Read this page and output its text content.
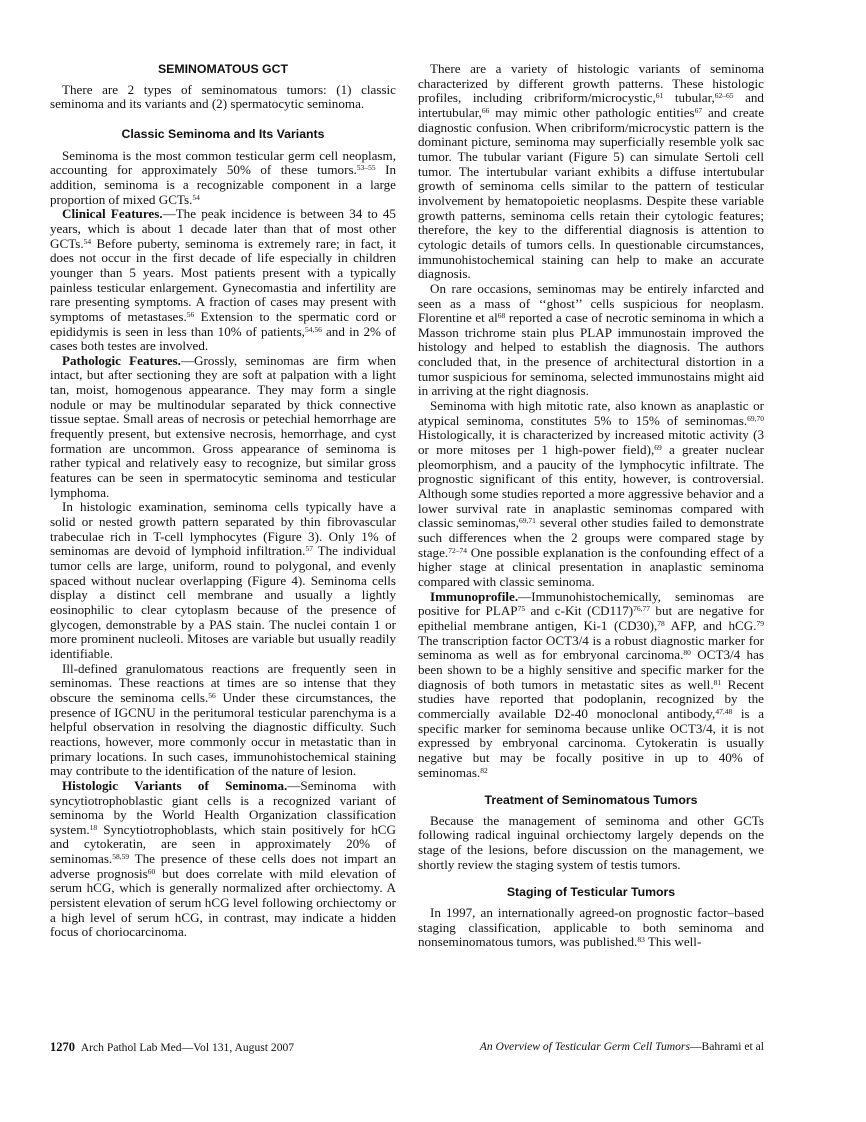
SEMINOMATOUS GCT

There are 2 types of seminomatous tumors: (1) classic seminoma and its variants and (2) spermatocytic seminoma.

Classic Seminoma and Its Variants

Seminoma is the most common testicular germ cell neoplasm, accounting for approximately 50% of these tumors.$^{53-55}$ In addition, seminoma is a recognizable component in a large proportion of mixed GCTs.$^{54}$

Clinical Features.—The peak incidence is between 34 to 45 years, which is about 1 decade later than that of most other GCTs.$^{54}$ Before puberty, seminoma is extremely rare; in fact, it does not occur in the first decade of life especially in children younger than 5 years. Most patients present with a typically painless testicular enlargement. Gynecomastia and infertility are rare presenting symptoms. A fraction of cases may present with symptoms of metastases.$^{56}$ Extension to the spermatic cord or epididymis is seen in less than 10% of patients,$^{54,56}$ and in 2% of cases both testes are involved.

Pathologic Features.—Grossly, seminomas are firm when intact, but after sectioning they are soft at palpation with a light tan, moist, homogenous appearance. They may form a single nodule or may be multinodular separated by thick connective tissue septae. Small areas of necrosis or petechial hemorrhage are frequently present, but extensive necrosis, hemorrhage, and cyst formation are uncommon. Gross appearance of seminoma is rather typical and relatively easy to recognize, but similar gross features can be seen in spermatocytic seminoma and testicular lymphoma.

In histologic examination, seminoma cells typically have a solid or nested growth pattern separated by thin fibrovascular trabeculae rich in T-cell lymphocytes (Figure 3). Only 1% of seminomas are devoid of lymphoid infiltration.$^{57}$ The individual tumor cells are large, uniform, round to polygonal, and evenly spaced without nuclear overlapping (Figure 4). Seminoma cells display a distinct cell membrane and usually a lightly eosinophilic to clear cytoplasm because of the presence of glycogen, demonstrable by a PAS stain. The nuclei contain 1 or more prominent nucleoli. Mitoses are variable but usually readily identifiable.

Ill-defined granulomatous reactions are frequently seen in seminomas. These reactions at times are so intense that they obscure the seminoma cells.$^{56}$ Under these circumstances, the presence of IGCNU in the peritumoral testicular parenchyma is a helpful observation in resolving the diagnostic difficulty. Such reactions, however, more commonly occur in metastatic than in primary locations. In such cases, immunohistochemical staining may contribute to the identification of the nature of lesion.

Histologic Variants of Seminoma.—Seminoma with syncytiotrophoblastic giant cells is a recognized variant of seminoma by the World Health Organization classification system.$^{18}$ Syncytiotrophoblasts, which stain positively for hCG and cytokeratin, are seen in approximately 20% of seminomas.$^{58,59}$ The presence of these cells does not impart an adverse prognosis$^{60}$ but does correlate with mild elevation of serum hCG, which is generally normalized after orchiectomy. A persistent elevation of serum hCG level following orchiectomy or a high level of serum hCG, in contrast, may indicate a hidden focus of choriocarcinoma.

There are a variety of histologic variants of seminoma characterized by different growth patterns. These histologic profiles, including cribriform/microcystic,$^{61}$ tubular,$^{62-65}$ and intertubular,$^{66}$ may mimic other pathologic entities$^{67}$ and create diagnostic confusion. When cribriform/microcystic pattern is the dominant picture, seminoma may superficially resemble yolk sac tumor. The tubular variant (Figure 5) can simulate Sertoli cell tumor. The intertubular variant exhibits a diffuse intertubular growth of seminoma cells similar to the pattern of testicular involvement by hematopoietic neoplasms. Despite these variable growth patterns, seminoma cells retain their cytologic features; therefore, the key to the differential diagnosis is attention to cytologic details of tumors cells. In questionable circumstances, immunohistochemical staining can help to make an accurate diagnosis.

On rare occasions, seminomas may be entirely infarcted and seen as a mass of ‘‘ghost’’ cells suspicious for neoplasm. Florentine et $al^{68}$ reported a case of necrotic seminoma in which a Masson trichrome stain plus PLAP immunostain improved the histology and helped to establish the diagnosis. The authors concluded that, in the presence of architectural distortion in a tumor suspicious for seminoma, selected immunostains might aid in arriving at the right diagnosis.

Seminoma with high mitotic rate, also known as anaplastic or atypical seminoma, constitutes 5% to 15% of seminomas.$^{69,70}$ Histologically, it is characterized by increased mitotic activity (3 or more mitoses per 1 high-power field),$^{69}$ a greater nuclear pleomorphism, and a paucity of the lymphocytic infiltrate. The prognostic significant of this entity, however, is controversial. Although some studies reported a more aggressive behavior and a lower survival rate in anaplastic seminomas compared with classic seminomas,$^{69,71}$ several other studies failed to demonstrate such differences when the 2 groups were compared stage by stage.$^{72-74}$ One possible explanation is the confounding effect of a higher stage at clinical presentation in anaplastic seminoma compared with classic seminoma.

Immunoprofile.—Immunohistochemically, seminomas are positive for PLAP$^{75}$ and c-Kit $(CD117)^{76,77}$ but are negative for epithelial membrane antigen, Ki-1 (CD30),$^{78}$ AFP, and hCG.$^{79}$ The transcription factor OCT3/4 is a robust diagnostic marker for seminoma as well as for embryonal carcinoma.$^{80}$ OCT3/4 has been shown to be a highly sensitive and specific marker for the diagnosis of both tumors in metastatic sites as well.$^{81}$ Recent studies have reported that podoplanin, recognized by the commercially available D2-40 monoclonal antibody,$^{47,48}$ is a specific marker for seminoma because unlike OCT3/4, it is not expressed by embryonal carcinoma. Cytokeratin is usually negative but may be focally positive in up to 40% of seminomas.$^{82}$

Treatment of Seminomatous Tumors

Because the management of seminoma and other GCTs following radical inguinal orchiectomy largely depends on the stage of the lesions, before discussion on the management, we shortly review the staging system of testis tumors.

Staging of Testicular Tumors

In 1997, an internationally agreed-on prognostic factor–based staging classification, applicable to both seminoma and nonseminomatous tumors, was published.$^{83}$ This well-

1270 Arch Pathol Lab Med—Vol 131, August 2007	An Overview of Testicular Germ Cell Tumors—Bahrami et al
